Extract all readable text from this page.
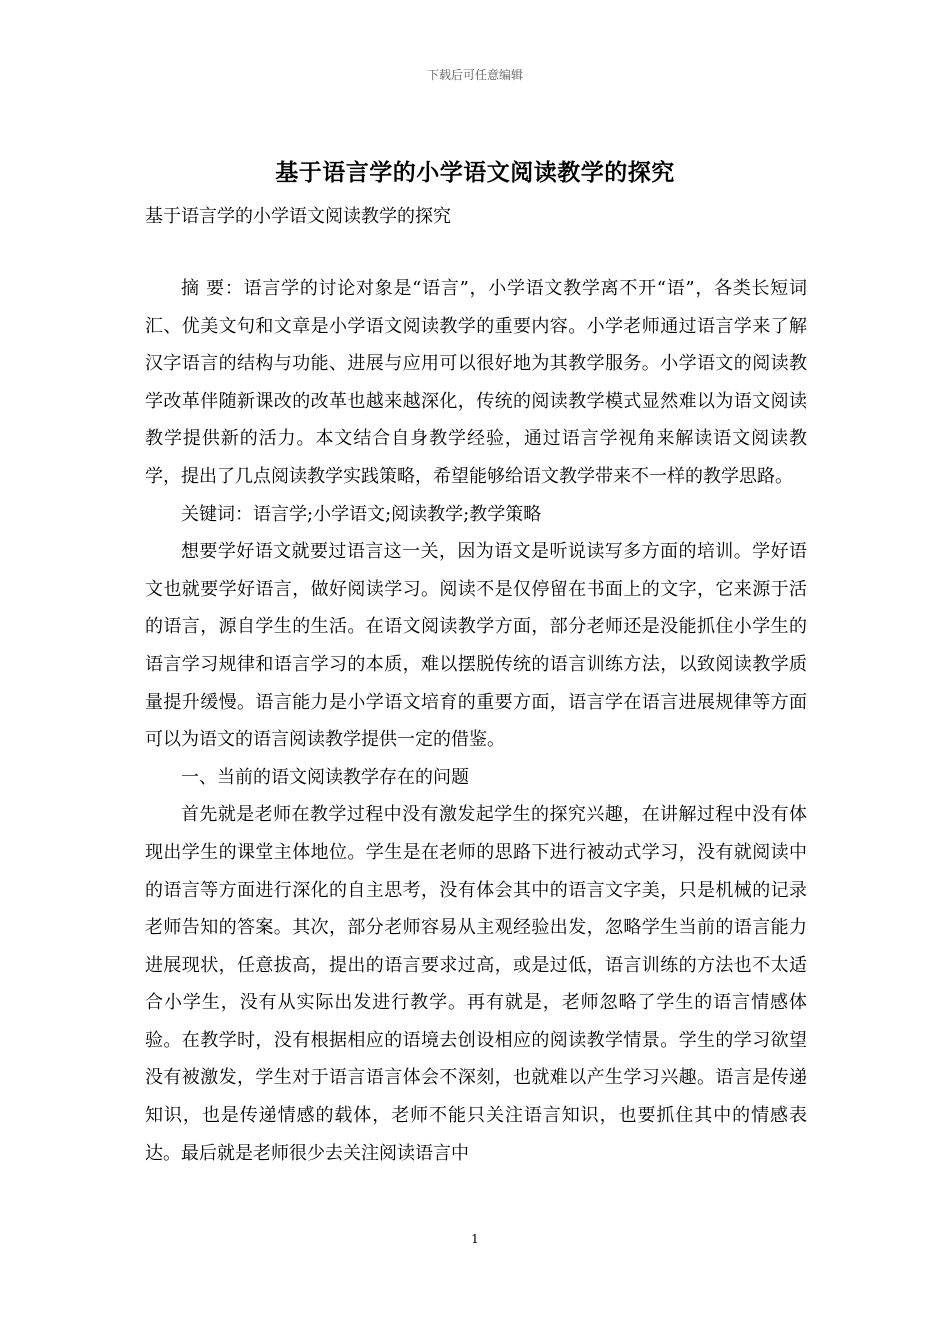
下载后可任意编辑
基于语言学的小学语文阅读教学的探究
基于语言学的小学语文阅读教学的探究

摘 要：语言学的讨论对象是“语言”，小学语文教学离不开“语”，各类长短词汇、优美文句和文章是小学语文阅读教学的重要内容。小学老师通过语言学来了解汉字语言的结构与功能、进展与应用可以很好地为其教学服务。小学语文的阅读教学改革伴随新课改的改革也越来越深化，传统的阅读教学模式显然难以为语文阅读教学提供新的活力。本文结合自身教学经验，通过语言学视角来解读语文阅读教学，提出了几点阅读教学实践策略，希望能够给语文教学带来不一样的教学思路。

关键词：语言学;小学语文;阅读教学;教学策略

想要学好语文就要过语言这一关，因为语文是听说读写多方面的培训。学好语文也就要学好语言，做好阅读学习。阅读不是仅停留在书面上的文字，它来源于活的语言，源自学生的生活。在语文阅读教学方面，部分老师还是没能抓住小学生的语言学习规律和语言学习的本质，难以摆脱传统的语言训练方法，以致阅读教学质量提升缓慢。语言能力是小学语文培育的重要方面，语言学在语言进展规律等方面可以为语文的语言阅读教学提供一定的借鉴。

一、当前的语文阅读教学存在的问题

首先就是老师在教学过程中没有激发起学生的探究兴趣，在讲解过程中没有体现出学生的课堂主体地位。学生是在老师的思路下进行被动式学习，没有就阅读中的语言等方面进行深化的自主思考，没有体会其中的语言文字美，只是机械的记录老师告知的答案。其次，部分老师容易从主观经验出发，忽略学生当前的语言能力进展现状，任意拔高，提出的语言要求过高，或是过低，语言训练的方法也不太适合小学生，没有从实际出发进行教学。再有就是，老师忽略了学生的语言情感体验。在教学时，没有根据相应的语境去创设相应的阅读教学情景。学生的学习欲望没有被激发，学生对于语言语言体会不深刻，也就难以产生学习兴趣。语言是传递知识，也是传递情感的载体，老师不能只关注语言知识，也要抓住其中的情感表达。最后就是老师很少去关注阅读语言中

1
